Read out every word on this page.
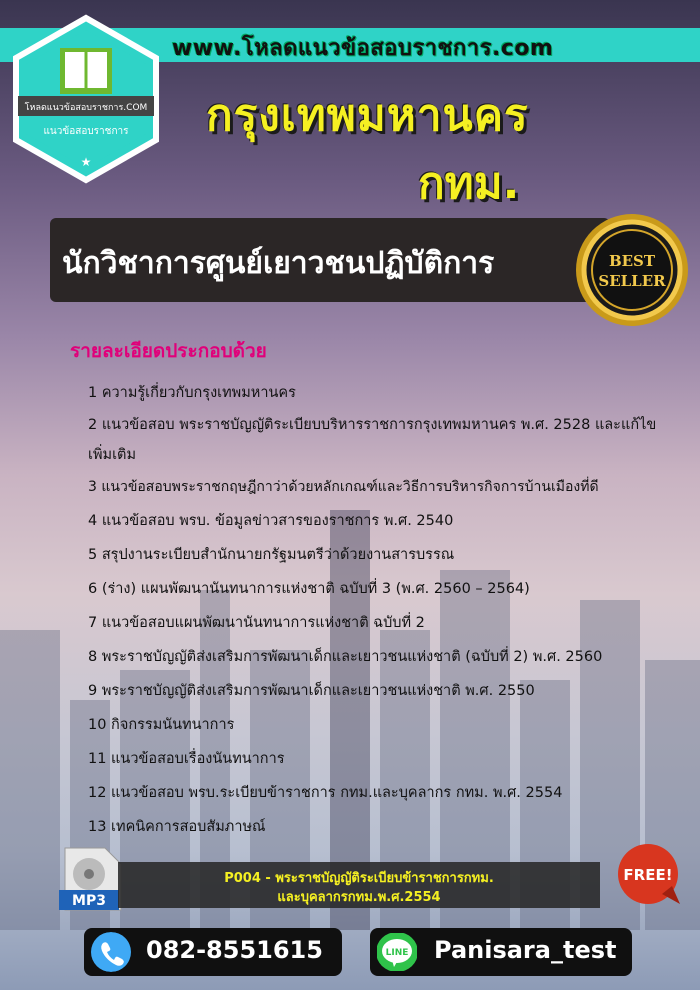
www.โหลดแนวข้อสอบราชการ.com
โหลดแนวข้อสอบราชการ.COM
แนวข้อสอบราชการ
★
กรุงเทพมหานคร
กทม.
นักวิชาการศูนย์เยาวชนปฏิบัติการ	BEST
SELLER
รายละเอียดประกอบด้วย
1 ความรู้เกี่ยวกับกรุงเทพมหานคร
2 แนวข้อสอบ พระราชบัญญัติระเบียบบริหารราชการกรุงเทพมหานคร พ.ศ. 2528 และแก้ไขเพิ่มเติม
3 แนวข้อสอบพระราชกฤษฎีกาว่าด้วยหลักเกณฑ์และวิธีการบริหารกิจการบ้านเมืองที่ดี
4 แนวข้อสอบ พรบ. ข้อมูลข่าวสารของราชการ พ.ศ. 2540
5 สรุปงานระเบียบสำนักนายกรัฐมนตรีว่าด้วยงานสารบรรณ
6 (ร่าง) แผนพัฒนานันทนาการแห่งชาติ ฉบับที่ 3 (พ.ศ. 2560 – 2564)
7 แนวข้อสอบแผนพัฒนานันทนาการแห่งชาติ ฉบับที่ 2
8 พระราชบัญญัติส่งเสริมการพัฒนาเด็กและเยาวชนแห่งชาติ (ฉบับที่ 2) พ.ศ. 2560
9 พระราชบัญญัติส่งเสริมการพัฒนาเด็กและเยาวชนแห่งชาติ พ.ศ. 2550
10 กิจกรรมนันทนาการ
11 แนวข้อสอบเรื่องนันทนาการ
12 แนวข้อสอบ พรบ.ระเบียบข้าราชการ กทม.และบุคลากร กทม. พ.ศ. 2554
13 เทคนิคการสอบสัมภาษณ์
MP3
P004 - พระราชบัญญัติระเบียบข้าราชการกทม.
และบุคลากรกทม.พ.ศ.2554
FREE!
082-8551615	LINE Panisara_test
